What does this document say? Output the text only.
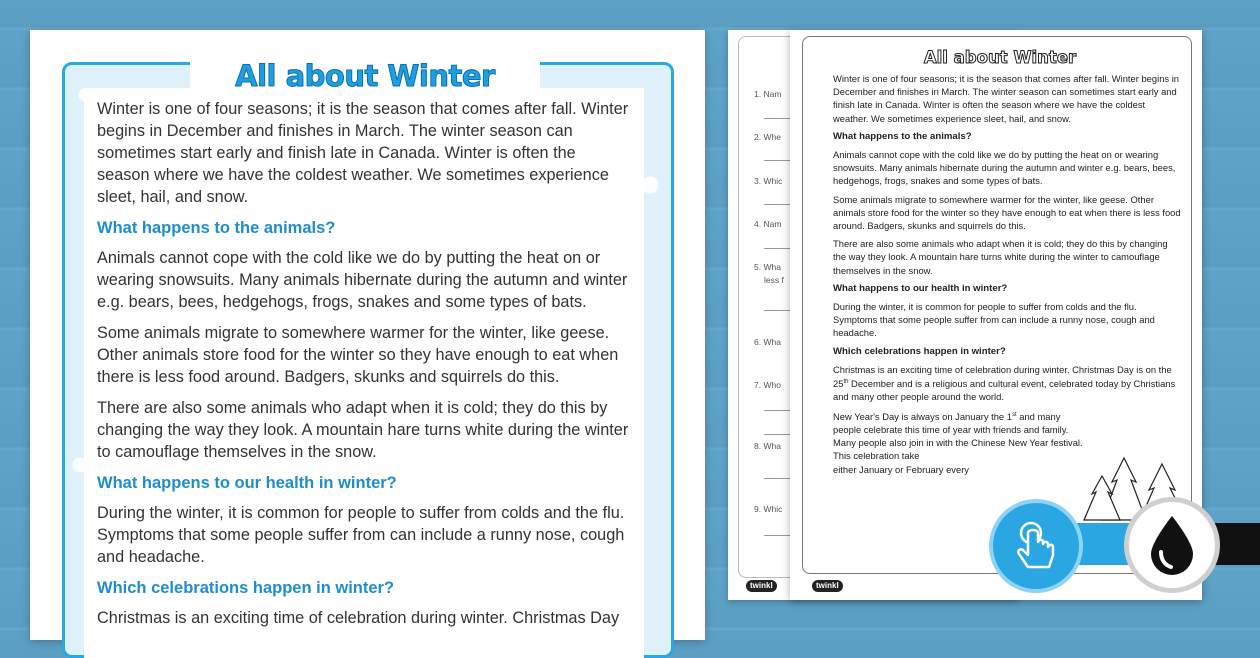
All about Winter

Winter is one of four seasons; it is the season that comes after fall. Winter begins in December and finishes in March. The winter season can sometimes start early and finish late in Canada. Winter is often the season where we have the coldest weather. We sometimes experience sleet, hail, and snow.

What happens to the animals?

Animals cannot cope with the cold like we do by putting the heat on or wearing snowsuits. Many animals hibernate during the autumn and winter e.g. bears, bees, hedgehogs, frogs, snakes and some types of bats.

Some animals migrate to somewhere warmer for the winter, like geese. Other animals store food for the winter so they have enough to eat when there is less food around. Badgers, skunks and squirrels do this.

There are also some animals who adapt when it is cold; they do this by changing the way they look. A mountain hare turns white during the winter to camouflage themselves in the snow.

What happens to our health in winter?

During the winter, it is common for people to suffer from colds and the flu. Symptoms that some people suffer from can include a runny nose, cough and headache.

Which celebrations happen in winter?

Christmas is an exciting time of celebration during winter. Christmas Day

1. Nam
2. Whe
3. Whic
4. Nam
5. Wha
less f
6. Wha
7. Who
8. Wha
9. Whic
twinkl
All about Winter

Winter is one of four seasons; it is the season that comes after fall. Winter begins in December and finishes in March. The winter season can sometimes start early and finish late in Canada. Winter is often the season where we have the coldest weather. We sometimes experience sleet, hail, and snow.

What happens to the animals?

Animals cannot cope with the cold like we do by putting the heat on or wearing snowsuits. Many animals hibernate during the autumn and winter e.g. bears, bees, hedgehogs, frogs, snakes and some types of bats.

Some animals migrate to somewhere warmer for the winter, like geese. Other animals store food for the winter so they have enough to eat when there is less food around. Badgers, skunks and squirrels do this.

There are also some animals who adapt when it is cold; they do this by changing the way they look. A mountain hare turns white during the winter to camouflage themselves in the snow.

What happens to our health in winter?

During the winter, it is common for people to suffer from colds and the flu. Symptoms that some people suffer from can include a runny nose, cough and headache.

Which celebrations happen in winter?

Christmas is an exciting time of celebration during winter. Christmas Day is on the 25th December and is a religious and cultural event, celebrated today by Christians and many other people around the world.

New Year's Day is always on January the 1st and many people celebrate this time of year with friends and family. Many people also join in with the Chinese New Year festival. This celebration take
either January or February every

twinkl
